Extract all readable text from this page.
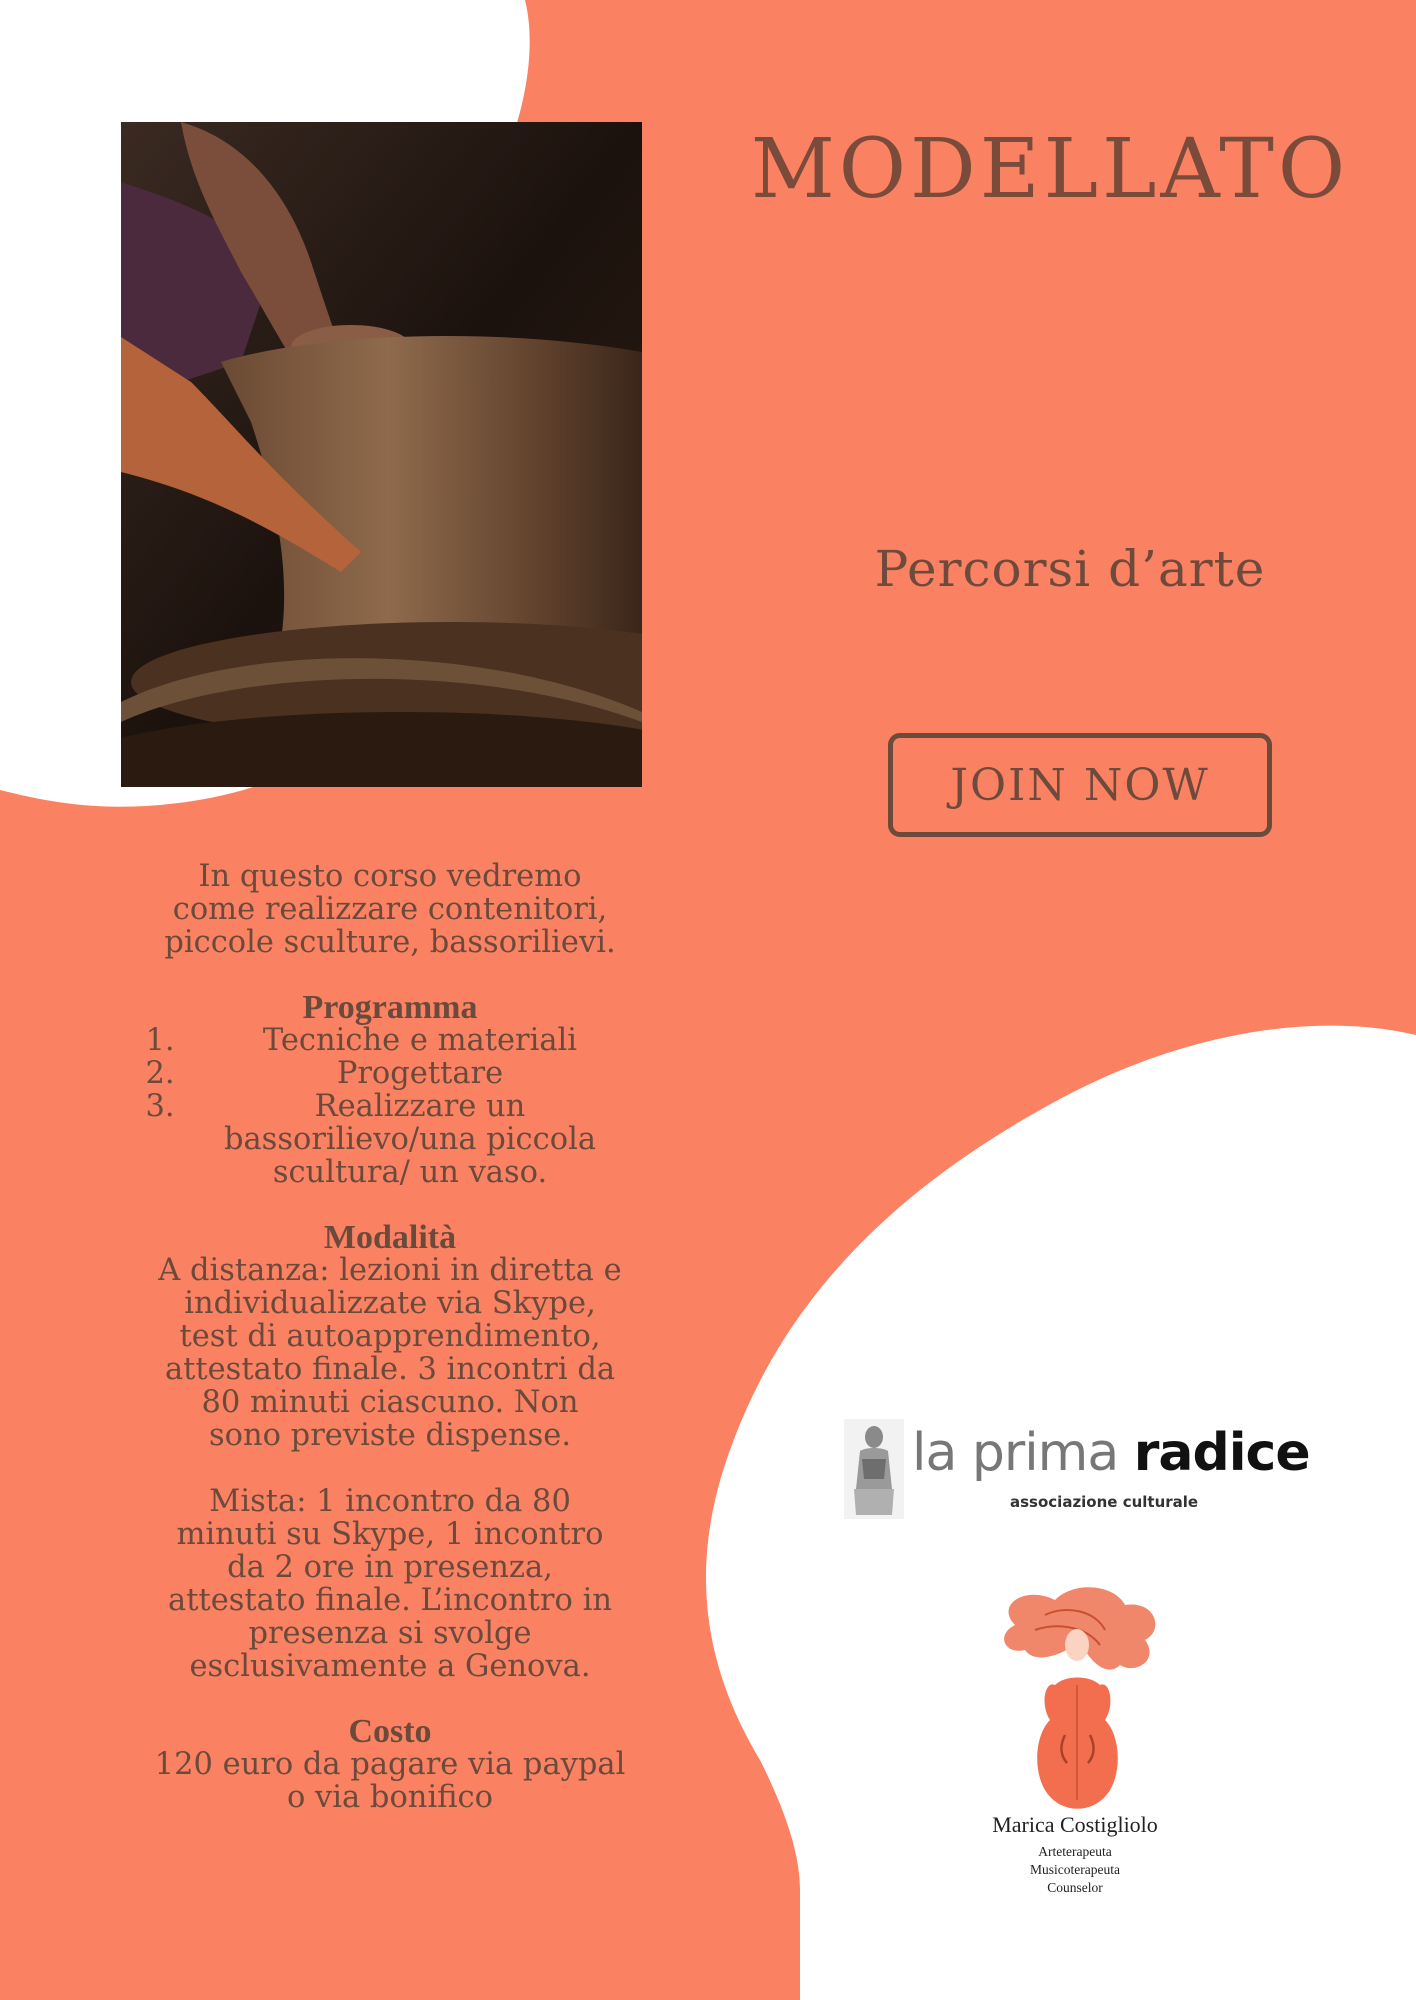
MODELLATO
Percorsi d’arte
JOIN NOW

In questo corso vedremo

come realizzare contenitori,

piccole sculture, bassorilievi.

Programma

1.	Tecniche e materiali
2.	Progettare
3.	Realizzare un

bassorilievo/una piccola

scultura/ un vaso.

Modalità

A distanza: lezioni in diretta e

individualizzate via Skype,

test di autoapprendimento,

attestato finale. 3 incontri da

80 minuti ciascuno. Non

sono previste dispense.

Mista: 1 incontro da 80

minuti su Skype, 1 incontro

da 2 ore in presenza,

attestato finale. L’incontro in

presenza si svolge

esclusivamente a Genova.

Costo

120 euro da pagare via paypal

o via bonifico

la prima radice
associazione culturale
Marica Costigliolo
Arteterapeuta
Musicoterapeuta
Counselor
